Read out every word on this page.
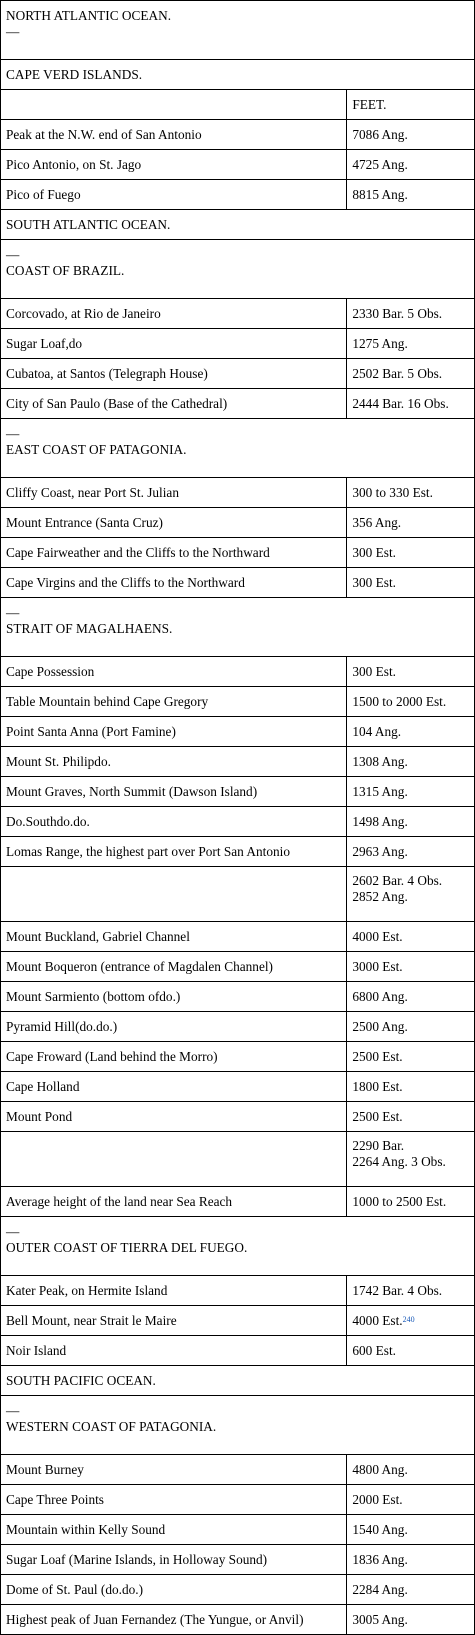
NORTH ATLANTIC OCEAN.
—	

CAPE VERD ISLANDS.	

	FEET.

Peak at the N.W. end of San Antonio	7086 Ang.

Pico Antonio, on St. Jago	4725 Ang.

Pico of Fuego	8815 Ang.

SOUTH ATLANTIC OCEAN.	

—
COAST OF BRAZIL.	

Corcovado, at Rio de Janeiro	2330 Bar. 5 Obs.

Sugar Loaf,do	1275 Ang.

Cubatoa, at Santos (Telegraph House)	2502 Bar. 5 Obs.

City of San Paulo (Base of the Cathedral)	2444 Bar. 16 Obs.

—
EAST COAST OF PATAGONIA.	

Cliffy Coast, near Port St. Julian	300 to 330 Est.

Mount Entrance (Santa Cruz)	356 Ang.

Cape Fairweather and the Cliffs to the Northward	300 Est.

Cape Virgins and the Cliffs to the Northward	300 Est.

—
STRAIT OF MAGALHAENS.	

Cape Possession	300 Est.

Table Mountain behind Cape Gregory	1500 to 2000 Est.

Point Santa Anna (Port Famine)	104 Ang.

Mount St. Philipdo.	1308 Ang.

Mount Graves, North Summit (Dawson Island)	1315 Ang.

Do.Southdo.do.	1498 Ang.

Lomas Range, the highest part over Port San Antonio	2963 Ang.

	2602 Bar. 4 Obs.
2852 Ang.

Mount Buckland, Gabriel Channel	4000 Est.

Mount Boqueron (entrance of Magdalen Channel)	3000 Est.

Mount Sarmiento (bottom ofdo.)	6800 Ang.

Pyramid Hill(do.do.)	2500 Ang.

Cape Froward (Land behind the Morro)	2500 Est.

Cape Holland	1800 Est.

Mount Pond	2500 Est.

	2290 Bar.
2264 Ang. 3 Obs.

Average height of the land near Sea Reach	1000 to 2500 Est.

—
OUTER COAST OF TIERRA DEL FUEGO.	

Kater Peak, on Hermite Island	1742 Bar. 4 Obs.

Bell Mount, near Strait le Maire	4000 Est.$^{240}$

Noir Island	600 Est.

SOUTH PACIFIC OCEAN.	

—
WESTERN COAST OF PATAGONIA.	

Mount Burney	4800 Ang.

Cape Three Points	2000 Est.

Mountain within Kelly Sound	1540 Ang.

Sugar Loaf (Marine Islands, in Holloway Sound)	1836 Ang.

Dome of St. Paul (do.do.)	2284 Ang.

Highest peak of Juan Fernandez (The Yungue, or Anvil)	3005 Ang.
